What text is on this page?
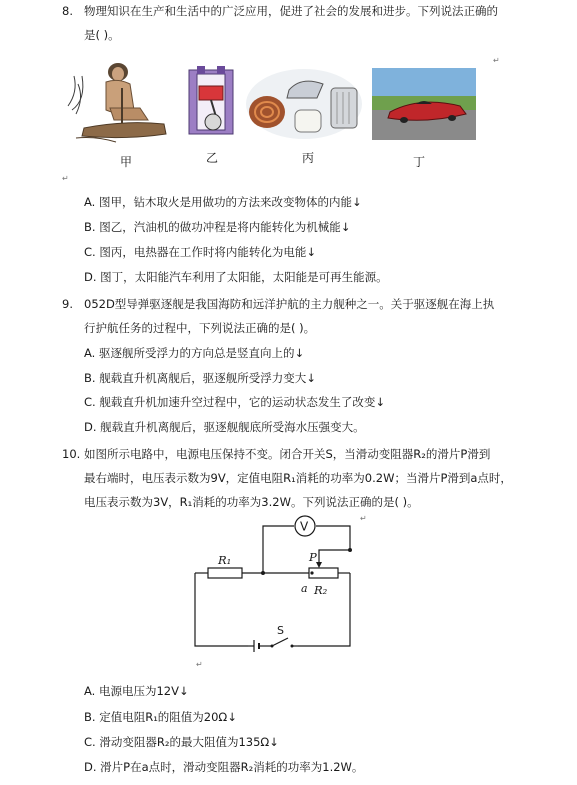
8. 物理知识在生产和生活中的广泛应用，促进了社会的发展和进步。下列说法正确的
是( )。
↵
甲	乙	丙	丁
↵
A. 图甲，钻木取火是用做功的方法来改变物体的内能↓
B. 图乙，汽油机的做功冲程是将内能转化为机械能↓
C. 图丙，电热器在工作时将内能转化为电能↓
D. 图丁，太阳能汽车利用了太阳能，太阳能是可再生能源。
9. 052D型导弹驱逐舰是我国海防和远洋护航的主力舰种之一。关于驱逐舰在海上执
行护航任务的过程中，下列说法正确的是( )。
A. 驱逐舰所受浮力的方向总是竖直向上的↓
B. 舰载直升机离舰后，驱逐舰所受浮力变大↓
C. 舰载直升机加速升空过程中，它的运动状态发生了改变↓
D. 舰载直升机离舰后，驱逐舰舰底所受海水压强变大。
10. 如图所示电路中，电源电压保持不变。闭合开关S，当滑动变阻器R₂的滑片P滑到
最右端时，电压表示数为9V，定值电阻R₁消耗的功率为0.2W；当滑片P滑到a点时，
电压表示数为3V，R₁消耗的功率为3.2W。下列说法正确的是( )。
V
R₁
R₂
P
a
S
↵
↵
A. 电源电压为12V↓
B. 定值电阻R₁的阻值为20Ω↓
C. 滑动变阻器R₂的最大阻值为135Ω↓
D. 滑片P在a点时，滑动变阻器R₂消耗的功率为1.2W。
